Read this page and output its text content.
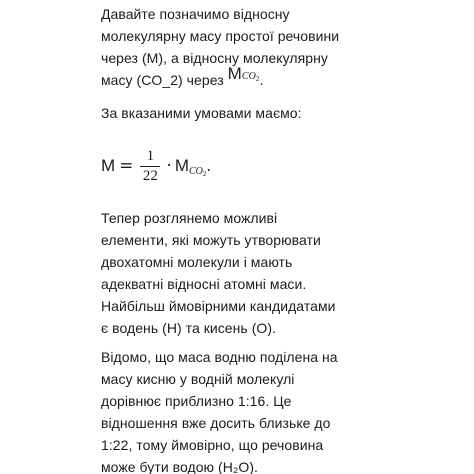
Давайте позначимо відносну
молекулярну масу простої речовини
через (М), а відносну молекулярну
масу (CO_2) через $MCO_2$.

За вказаними умовами маємо:

$M = \frac{1}{22} \cdot M$ $CO_2$ .

Тепер розглянемо можливі
елементи, які можуть утворювати
двохатомні молекули і мають
адекватні відносні атомні маси.
Найбільш ймовірними кандидатами
є водень (H) та кисень (O).

Відомо, що маса водню поділена на
масу кисню у водній молекулі
дорівнює приблизно 1:16. Це
відношення вже досить близьке до
1:22, тому ймовірно, що речовина
може бути водою (H₂O).
